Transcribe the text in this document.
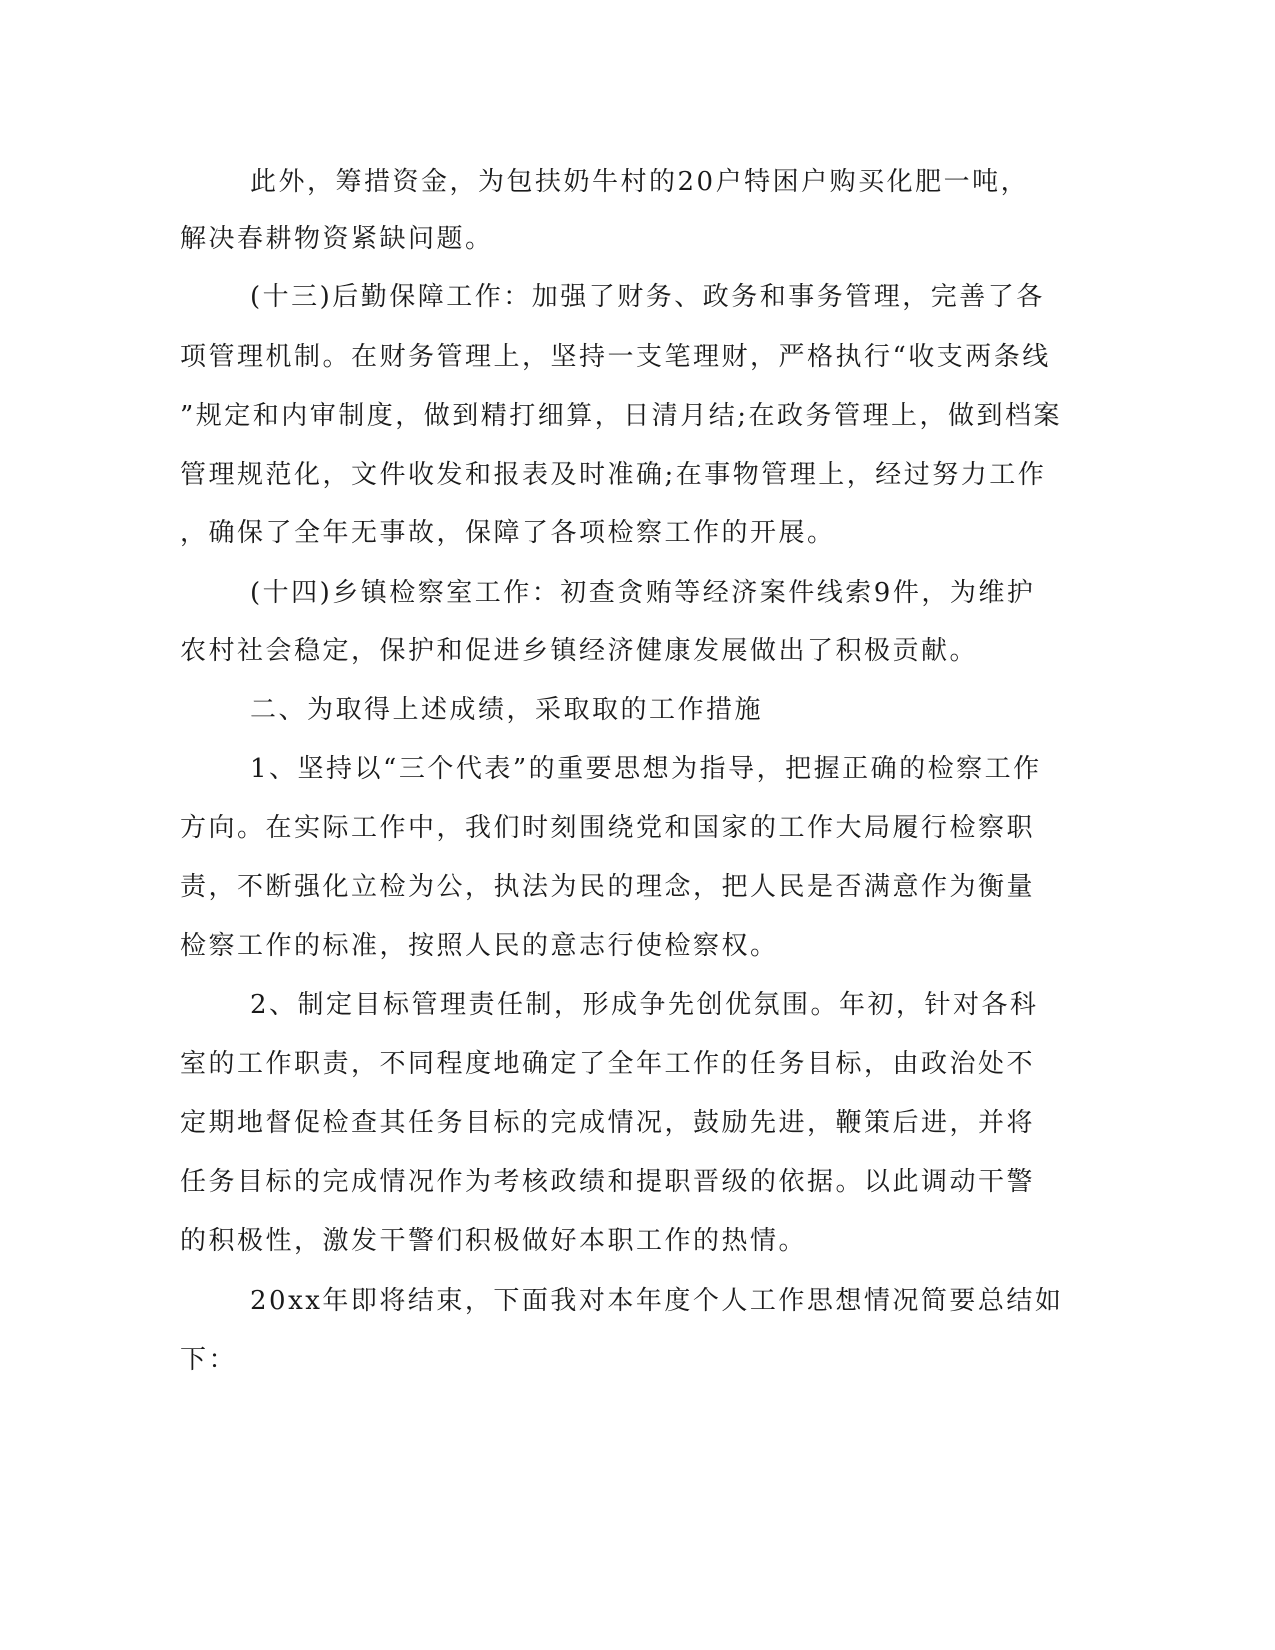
此外，筹措资金，为包扶奶牛村的20户特困户购买化肥一吨，
解决春耕物资紧缺问题。
(十三)后勤保障工作：加强了财务、政务和事务管理，完善了各
项管理机制。在财务管理上，坚持一支笔理财，严格执行“收支两条线
”规定和内审制度，做到精打细算，日清月结;在政务管理上，做到档案
管理规范化，文件收发和报表及时准确;在事物管理上，经过努力工作
，确保了全年无事故，保障了各项检察工作的开展。
(十四)乡镇检察室工作：初查贪贿等经济案件线索9件，为维护
农村社会稳定，保护和促进乡镇经济健康发展做出了积极贡献。
二、为取得上述成绩，采取取的工作措施
1、坚持以“三个代表”的重要思想为指导，把握正确的检察工作
方向。在实际工作中，我们时刻围绕党和国家的工作大局履行检察职
责，不断强化立检为公，执法为民的理念，把人民是否满意作为衡量
检察工作的标准，按照人民的意志行使检察权。
2、制定目标管理责任制，形成争先创优氛围。年初，针对各科
室的工作职责，不同程度地确定了全年工作的任务目标，由政治处不
定期地督促检查其任务目标的完成情况，鼓励先进，鞭策后进，并将
任务目标的完成情况作为考核政绩和提职晋级的依据。以此调动干警
的积极性，激发干警们积极做好本职工作的热情。
20xx年即将结束，下面我对本年度个人工作思想情况简要总结如
下：
